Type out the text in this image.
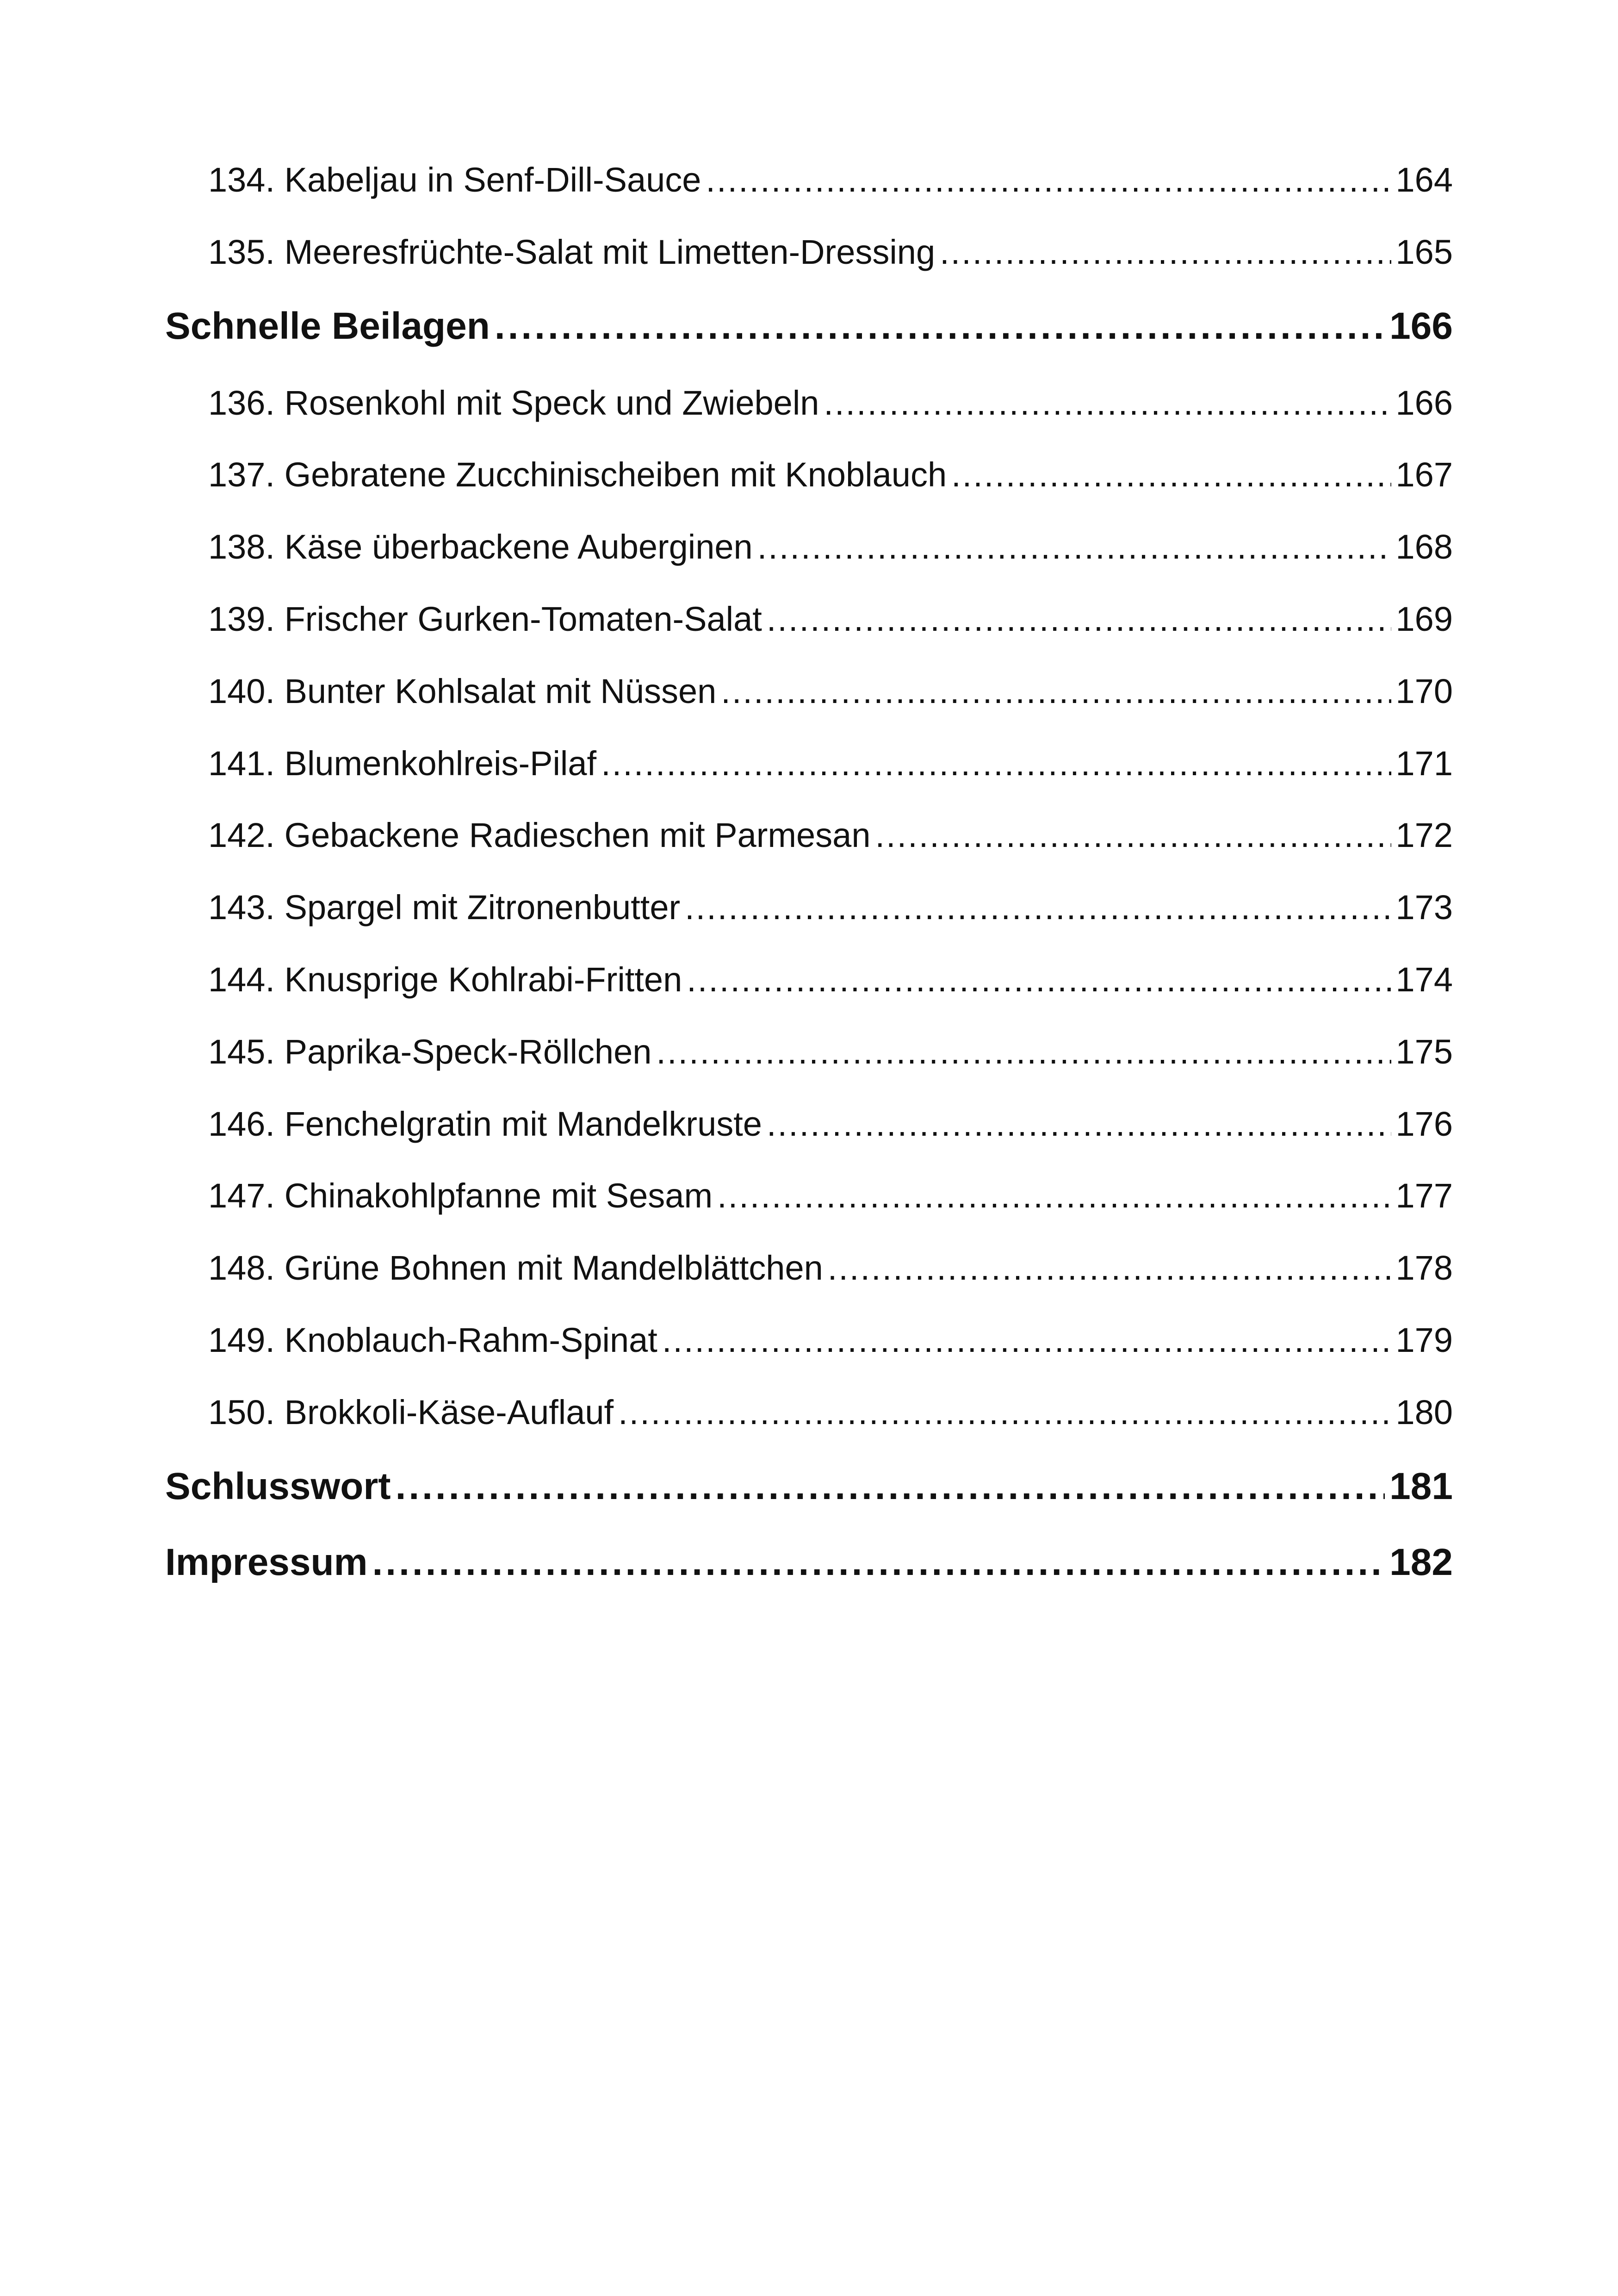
134. Kabeljau in Senf-Dill-Sauce .....	164
135. Meeresfrüchte-Salat mit Limetten-Dressing .....	165
Schnelle Beilagen .....	166
136. Rosenkohl mit Speck und Zwiebeln .....	166
137. Gebratene Zucchinischeiben mit Knoblauch .....	167
138. Käse überbackene Auberginen .....	168
139. Frischer Gurken-Tomaten-Salat .....	169
140. Bunter Kohlsalat mit Nüssen .....	170
141. Blumenkohlreis-Pilaf .....	171
142. Gebackene Radieschen mit Parmesan .....	172
143. Spargel mit Zitronenbutter .....	173
144. Knusprige Kohlrabi-Fritten .....	174
145. Paprika-Speck-Röllchen .....	175
146. Fenchelgratin mit Mandelkruste .....	176
147. Chinakohlpfanne mit Sesam .....	177
148. Grüne Bohnen mit Mandelblättchen .....	178
149. Knoblauch-Rahm-Spinat .....	179
150. Brokkoli-Käse-Auflauf .....	180
Schlusswort .....	181
Impressum .....	182
